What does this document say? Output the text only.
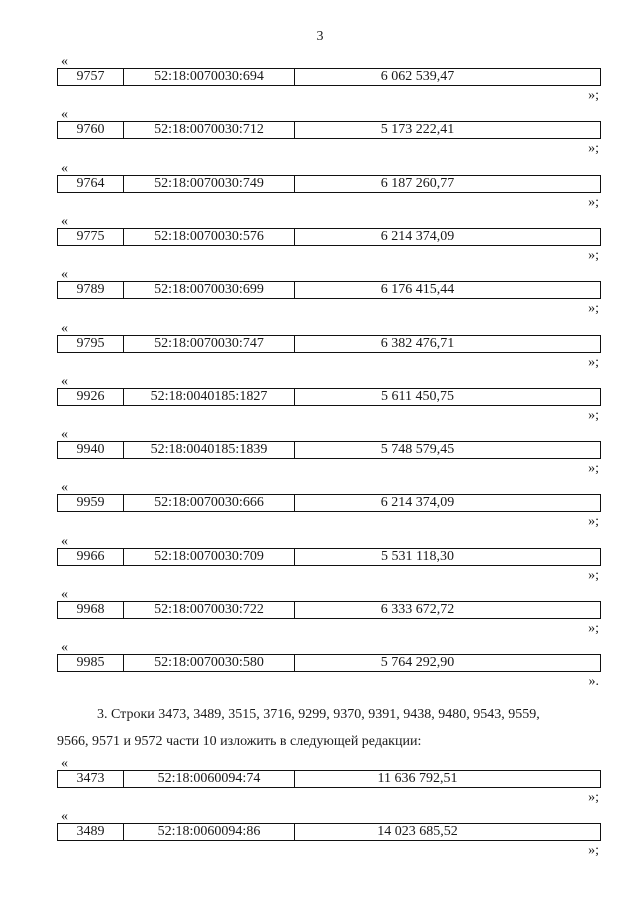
3
«
9757	52:18:0070030:694	6 062 539,47
»;
«
9760	52:18:0070030:712	5 173 222,41
»;
«
9764	52:18:0070030:749	6 187 260,77
»;
«
9775	52:18:0070030:576	6 214 374,09
»;
«
9789	52:18:0070030:699	6 176 415,44
»;
«
9795	52:18:0070030:747	6 382 476,71
»;
«
9926	52:18:0040185:1827	5 611 450,75
»;
«
9940	52:18:0040185:1839	5 748 579,45
»;
«
9959	52:18:0070030:666	6 214 374,09
»;
«
9966	52:18:0070030:709	5 531 118,30
»;
«
9968	52:18:0070030:722	6 333 672,72
»;
«
9985	52:18:0070030:580	5 764 292,90
».
3. Строки 3473, 3489, 3515, 3716, 9299, 9370, 9391, 9438, 9480, 9543, 9559,
9566, 9571 и 9572 части 10 изложить в следующей редакции:
«
3473	52:18:0060094:74	11 636 792,51
»;
«
3489	52:18:0060094:86	14 023 685,52
»;
